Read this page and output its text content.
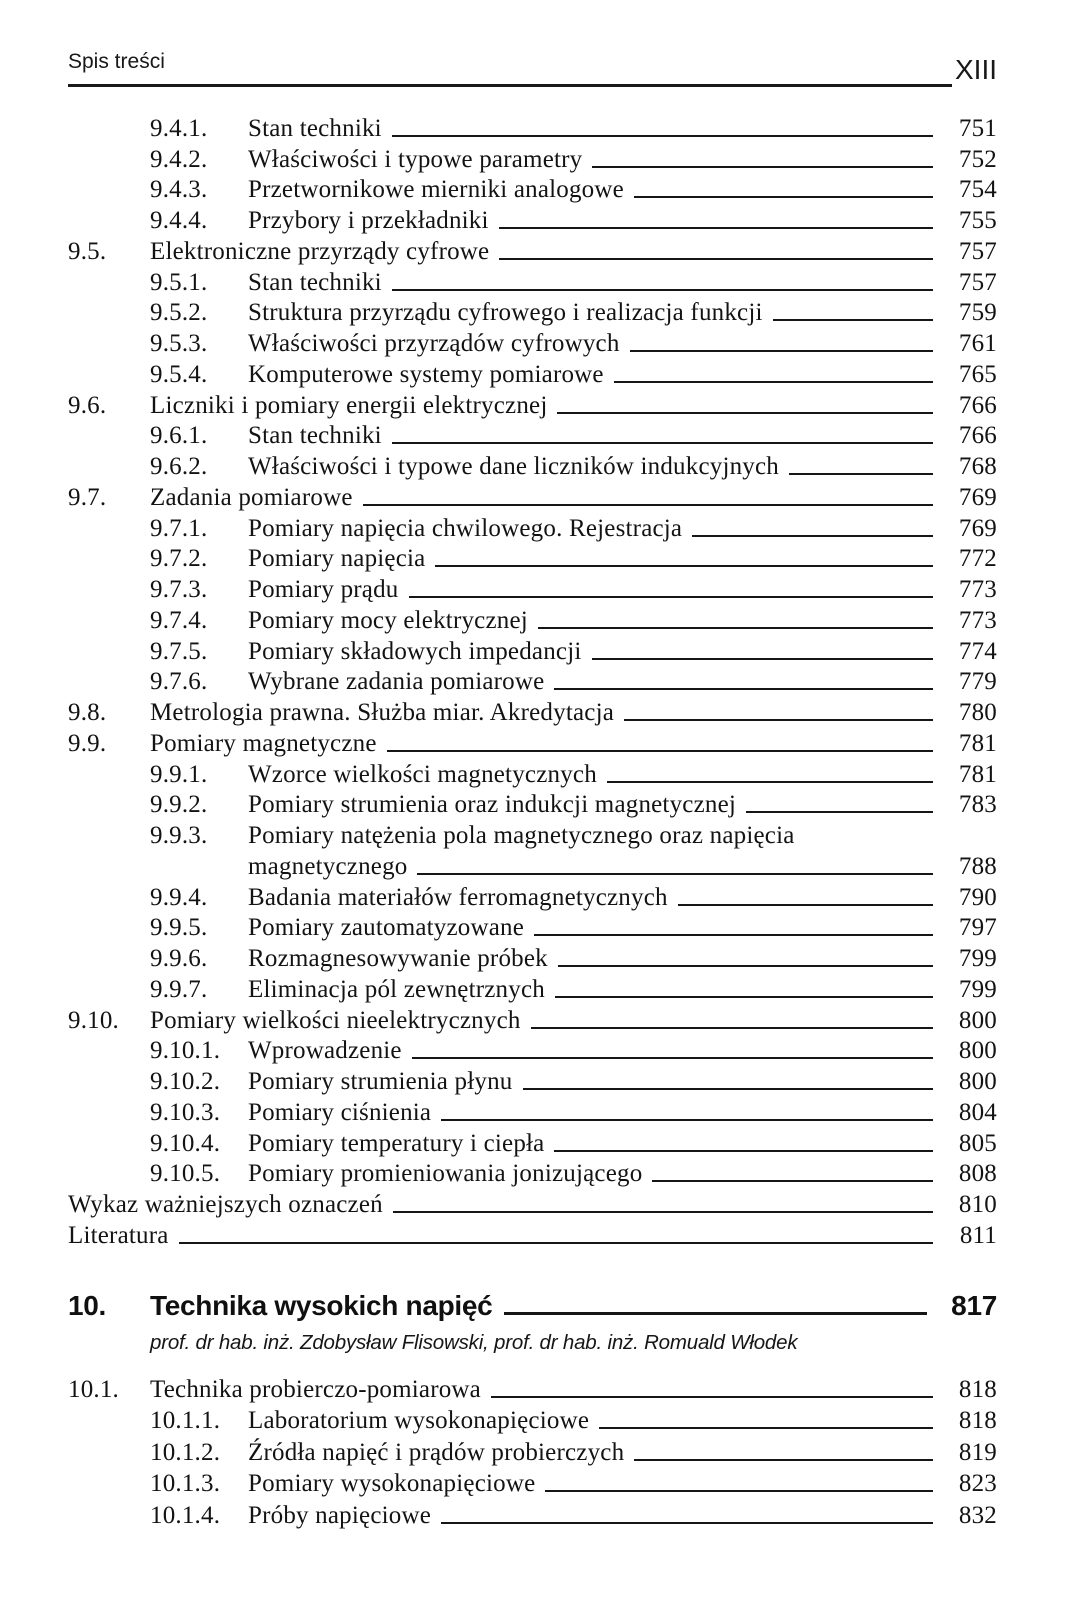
Spis treści	XIII
9.4.1.	Stan techniki	751
9.4.2.	Właściwości i typowe parametry	752
9.4.3.	Przetwornikowe mierniki analogowe	754
9.4.4.	Przybory i przekładniki	755
9.5.	Elektroniczne przyrządy cyfrowe	757
9.5.1.	Stan techniki	757
9.5.2.	Struktura przyrządu cyfrowego i realizacja funkcji	759
9.5.3.	Właściwości przyrządów cyfrowych	761
9.5.4.	Komputerowe systemy pomiarowe	765
9.6.	Liczniki i pomiary energii elektrycznej	766
9.6.1.	Stan techniki	766
9.6.2.	Właściwości i typowe dane liczników indukcyjnych	768
9.7.	Zadania pomiarowe	769
9.7.1.	Pomiary napięcia chwilowego. Rejestracja	769
9.7.2.	Pomiary napięcia	772
9.7.3.	Pomiary prądu	773
9.7.4.	Pomiary mocy elektrycznej	773
9.7.5.	Pomiary składowych impedancji	774
9.7.6.	Wybrane zadania pomiarowe	779
9.8.	Metrologia prawna. Służba miar. Akredytacja	780
9.9.	Pomiary magnetyczne	781
9.9.1.	Wzorce wielkości magnetycznych	781
9.9.2.	Pomiary strumienia oraz indukcji magnetycznej	783
9.9.3.	Pomiary natężenia pola magnetycznego oraz napięcia
magnetycznego	788
9.9.4.	Badania materiałów ferromagnetycznych	790
9.9.5.	Pomiary zautomatyzowane	797
9.9.6.	Rozmagnesowywanie próbek	799
9.9.7.	Eliminacja pól zewnętrznych	799
9.10.	Pomiary wielkości nieelektrycznych	800
9.10.1.	Wprowadzenie	800
9.10.2.	Pomiary strumienia płynu	800
9.10.3.	Pomiary ciśnienia	804
9.10.4.	Pomiary temperatury i ciepła	805
9.10.5.	Pomiary promieniowania jonizującego	808
Wykaz ważniejszych oznaczeń	810
Literatura	811
10.	Technika wysokich napięć	817
prof. dr hab. inż. Zdobysław Flisowski, prof. dr hab. inż. Romuald Włodek
10.1.	Technika probierczo-pomiarowa	818
10.1.1.	Laboratorium wysokonapięciowe	818
10.1.2.	Źródła napięć i prądów probierczych	819
10.1.3.	Pomiary wysokonapięciowe	823
10.1.4.	Próby napięciowe	832
